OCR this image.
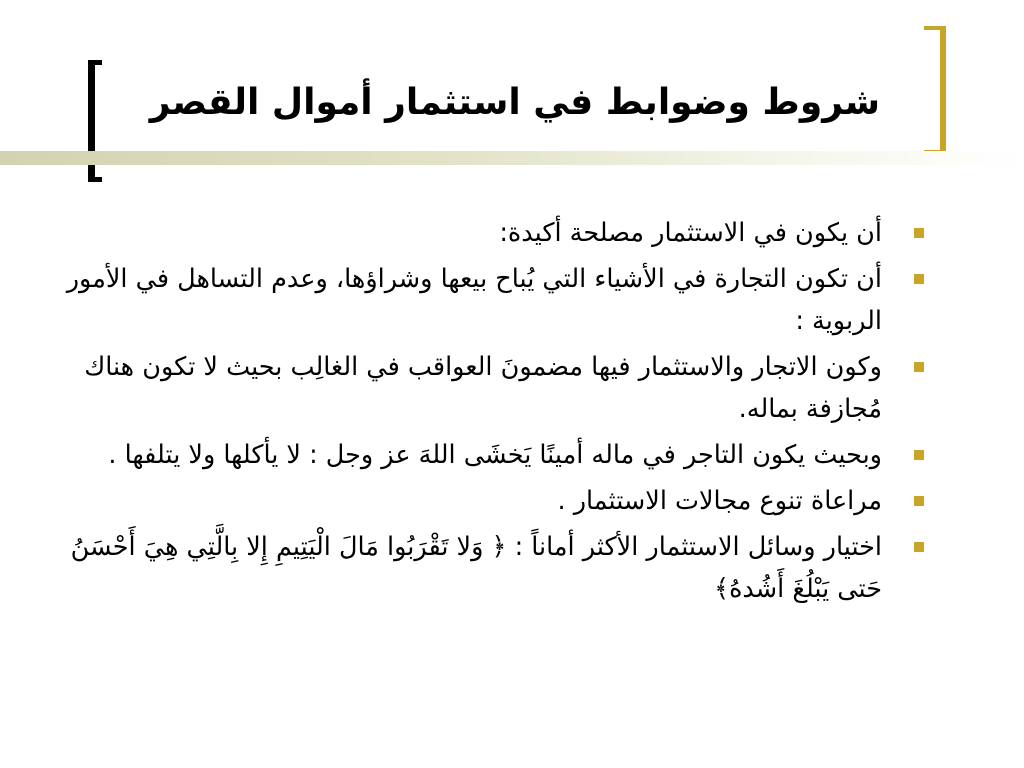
شروط وضوابط في استثمار أموال القصر
أن يكون في الاستثمار مصلحة أكيدة:
أن تكون التجارة في الأشياء التي يُباح بيعها وشراؤها، وعدم التساهل في الأمور الربوية :
وكون الاتجار والاستثمار فيها مضمونَ العواقب في الغالِب بحيث لا تكون هناك مُجازفة بماله.
وبحيث يكون التاجر في ماله أمينًا يَخشَى اللهَ عز وجل : لا يأكلها ولا يتلفها .
مراعاة تنوع مجالات الاستثمار .
اختيار وسائل الاستثمار الأكثر أماناً : ﴿ وَلا تَقْرَبُوا مَالَ الْيَتِيمِ إِلا بِالَّتِي هِيَ أَحْسَنُ حَتى يَبْلُغَ أَشُدهُ﴾
